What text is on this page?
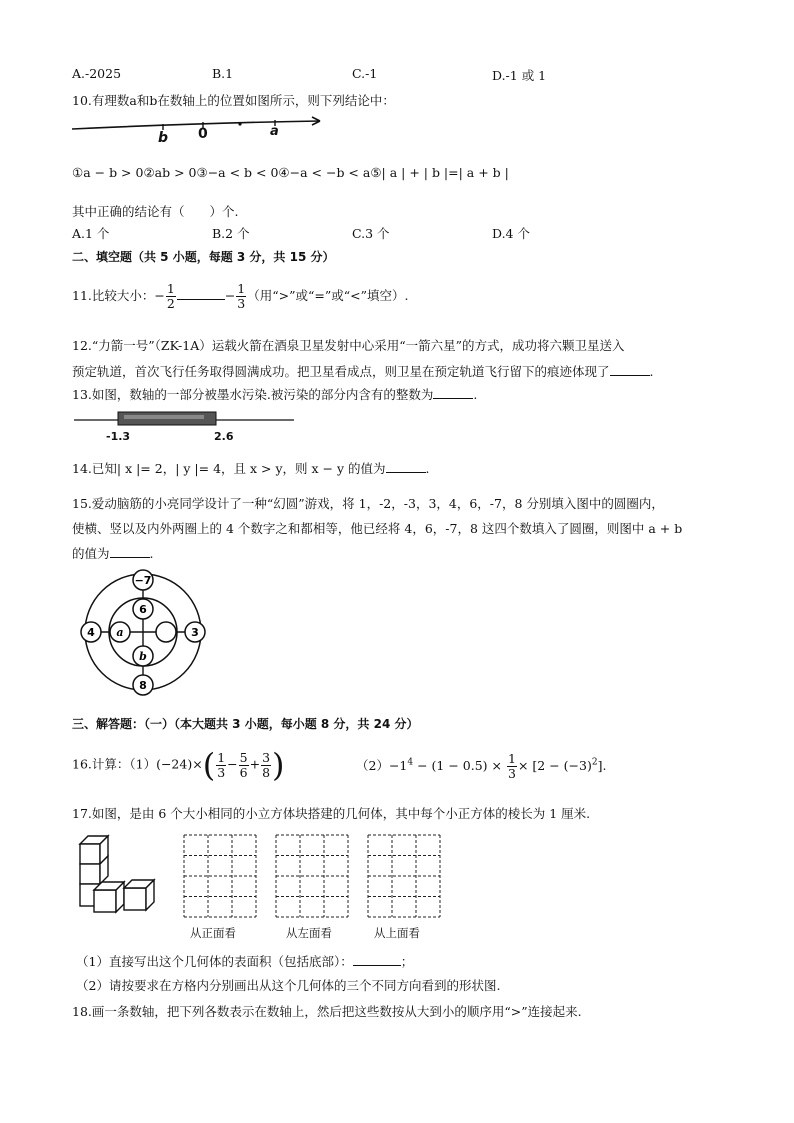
A.-2025	B.1	C.-1	D.-1 或 1
10.有理数a和b在数轴上的位置如图所示，则下列结论中：
b 0	a
①a − b > 0②ab > 0③−a < b < 0④−a < −b < a⑤| a | + | b |=| a + b |
其中正确的结论有（　　）个.
A.1 个	B.2 个	C.3 个	D.4 个
二、填空题（共 5 小题，每题 3 分，共 15 分）
11.比较大小：− $\frac{1}{2}$	− $\frac{1}{3}$ （用“>”或“=”或“<”填空）.
12.“力箭一号”（ZK-1A）运载火箭在酒泉卫星发射中心采用“一箭六星”的方式，成功将六颗卫星送入
预定轨道，首次飞行任务取得圆满成功。把卫星看成点，则卫星在预定轨道飞行留下的痕迹体现了	.
13.如图，数轴的一部分被墨水污染.被污染的部分内含有的整数为	.
-1.3	2.6
14.已知| x |= 2，| y |= 4，且 x > y，则 x − y 的值为	.
15.爱动脑筋的小亮同学设计了一种“幻圆”游戏，将 1，-2，-3，3，4，6，-7，8 分别填入图中的圆圈内，
使横、竖以及内外两圈上的 4 个数字之和都相等，他已经将 4，6，-7，8 这四个数填入了圆圈，则图中 a + b
的值为	.
−7
6
4 a	3
b
8
三、解答题：（一）（本大题共 3 小题，每小题 8 分，共 24 分）
16.计算：$(1)(-24)\times( \frac{1}{3} - \frac{5}{6} + \frac{3}{8}$ )	$(2)-1^4 - (1 - 0.5) \times \frac{1}{3} \times [2 - (-3)^2]$.
17.如图，是由 6 个大小相同的小立方体块搭建的几何体，其中每个小正方体的棱长为 1 厘米.
从正面看	从左面看	从上面看
（1）直接写出这个几何体的表面积（包括底部）：	；
（2）请按要求在方格内分别画出从这个几何体的三个不同方向看到的形状图.
18.画一条数轴，把下列各数表示在数轴上，然后把这些数按从大到小的顺序用“>”连接起来.
